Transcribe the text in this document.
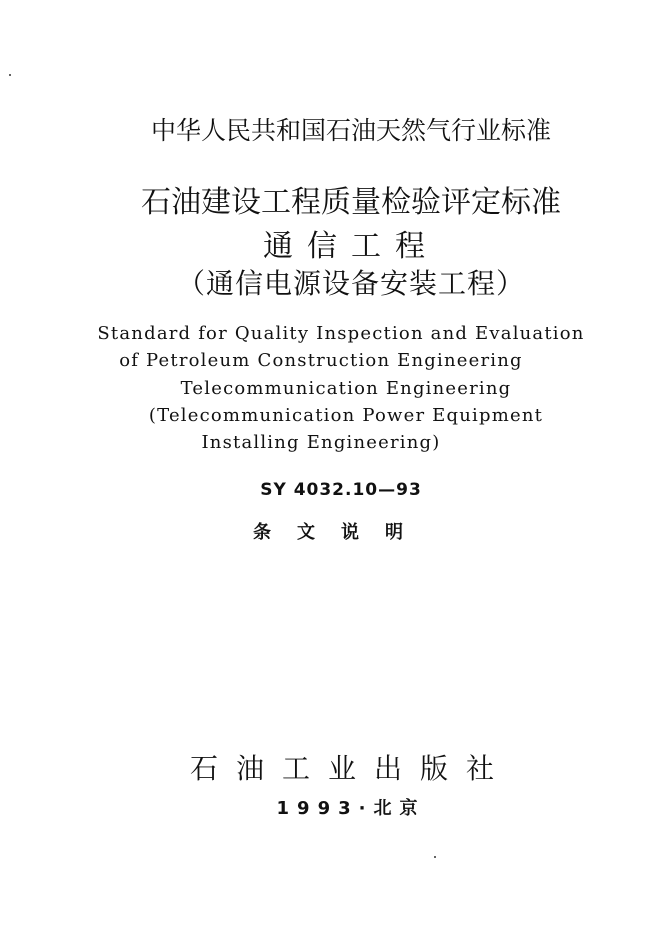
中华人民共和国石油天然气行业标准
石油建设工程质量检验评定标准
通信工程
（通信电源设备安装工程）
Standard for Quality Inspection and Evaluation
of Petroleum Construction Engineering
Telecommunication Engineering
(Telecommunication Power Equipment
Installing Engineering)
SY 4032.10—93
条文说明
石油工业出版社
1993·北京
